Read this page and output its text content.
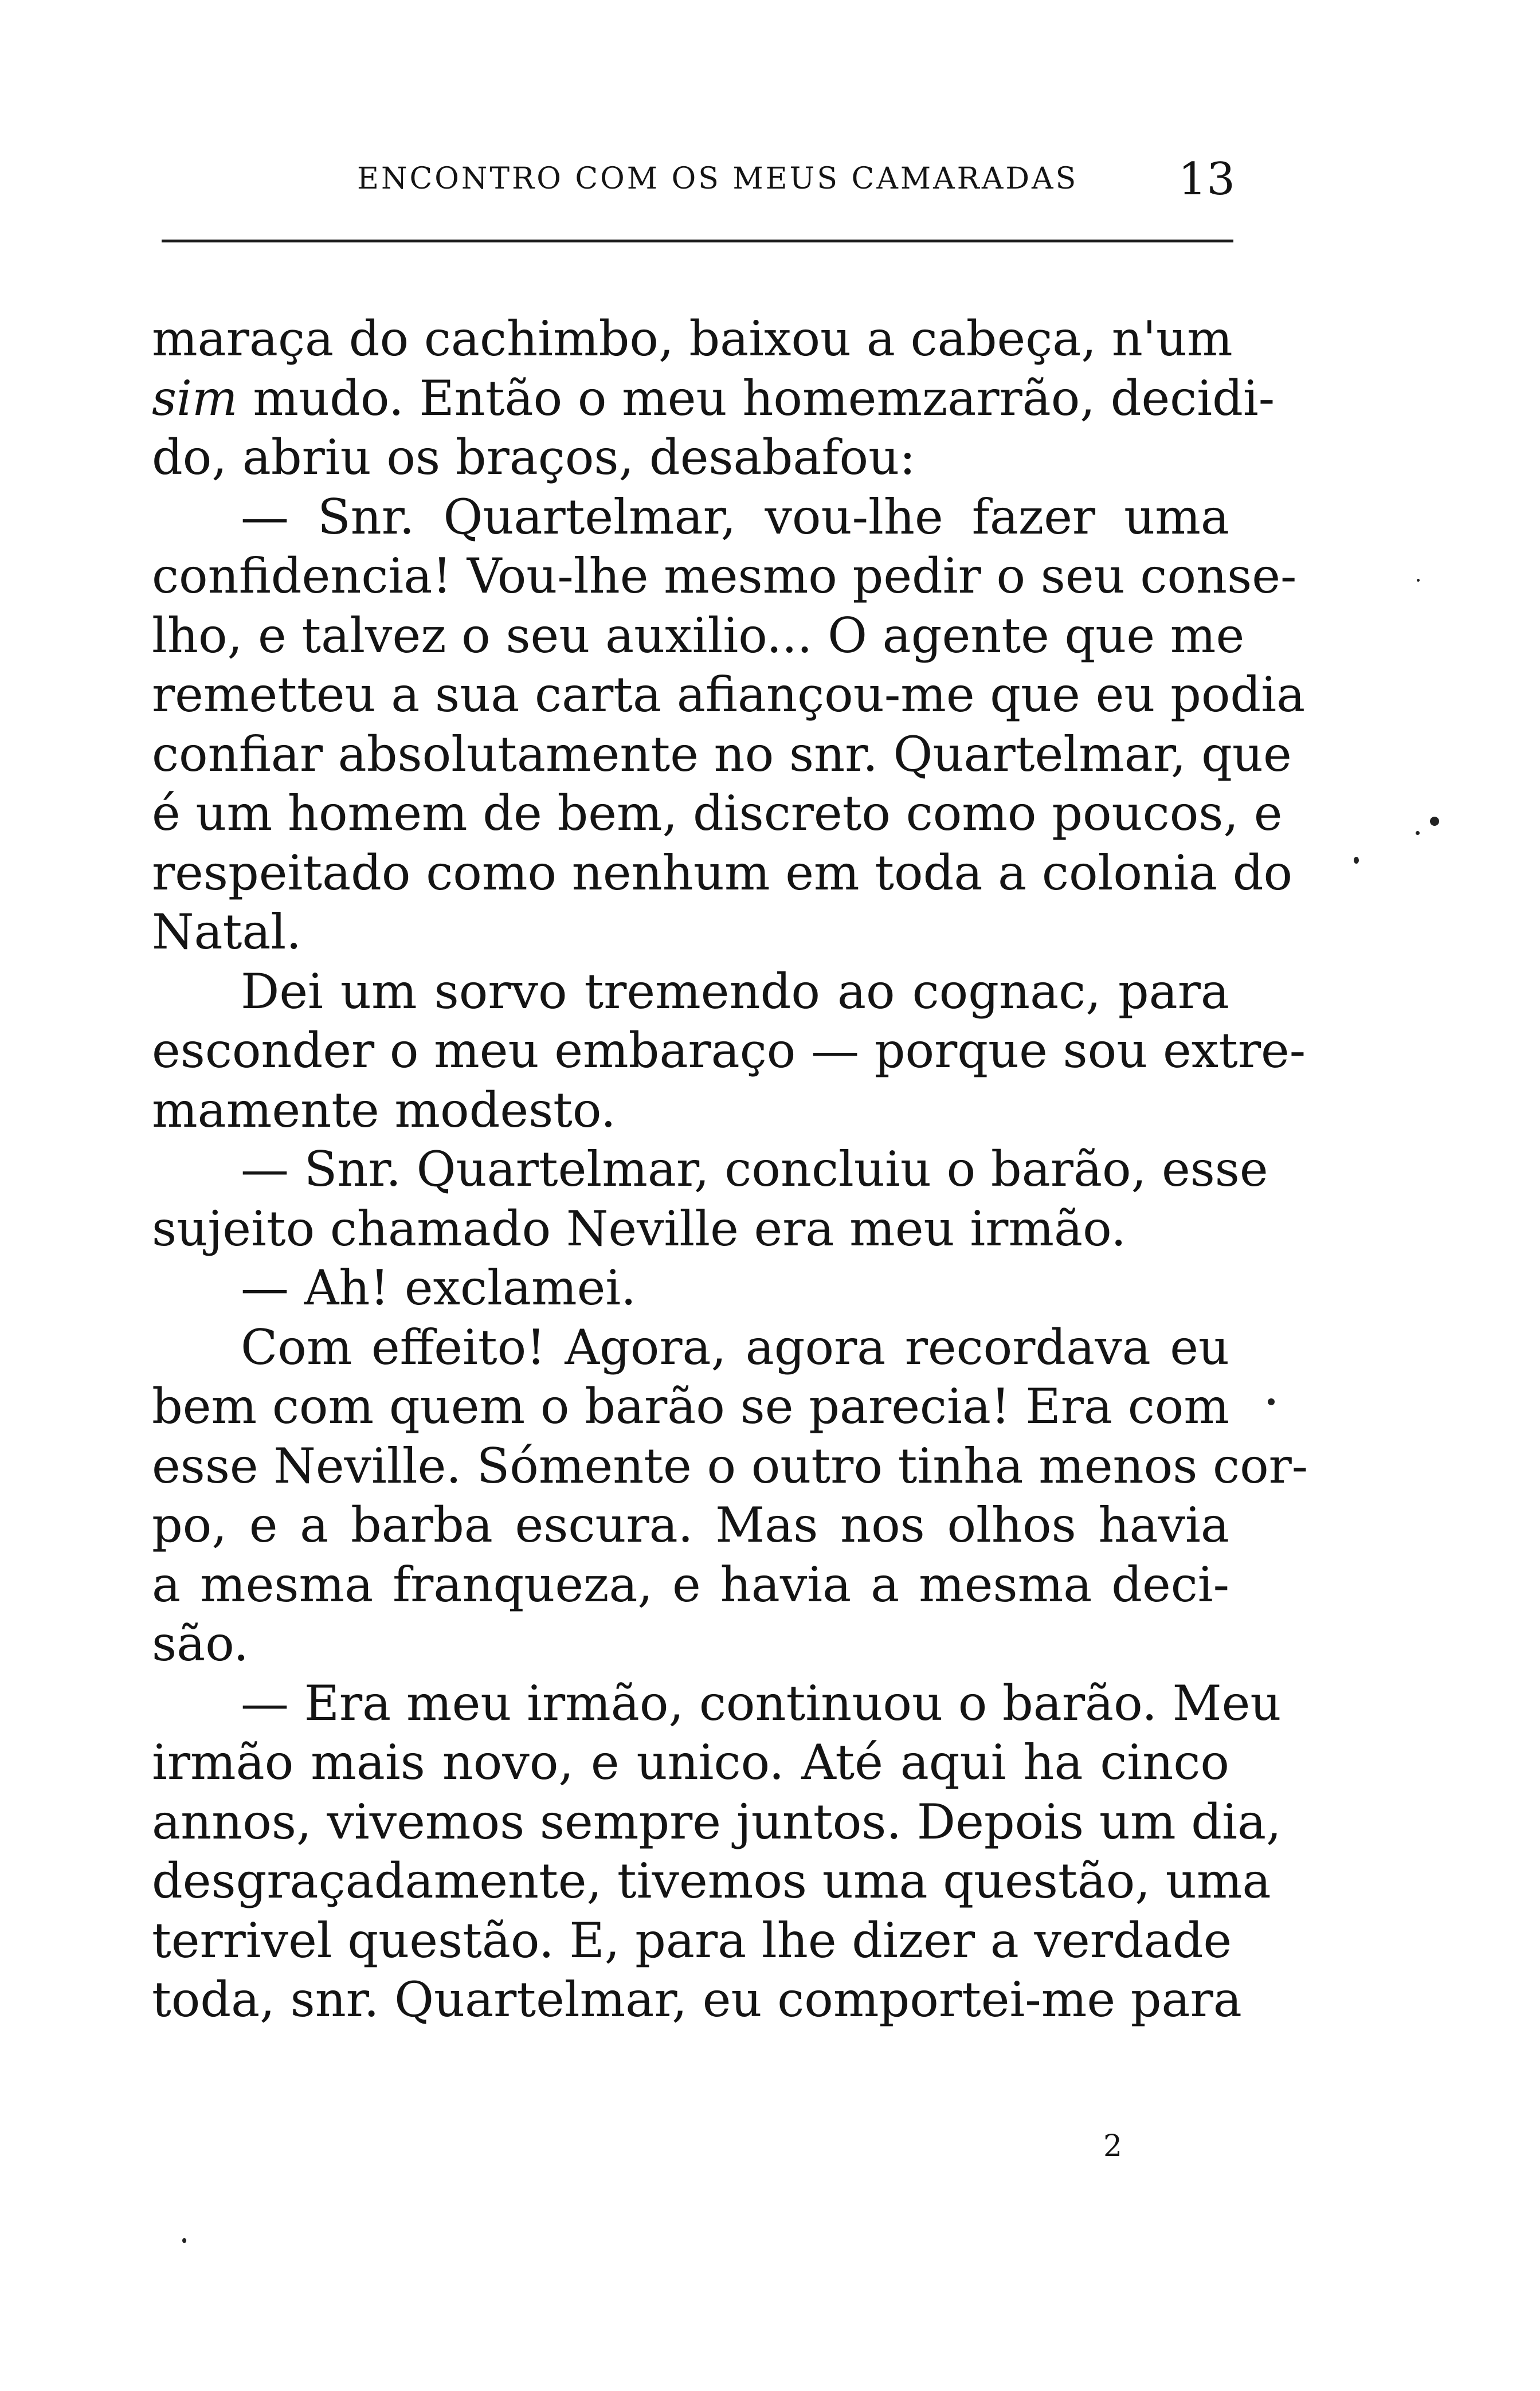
ENCONTRO COM OS MEUS CAMARADAS 13
maraça do cachimbo, baixou a cabeça, n'um
sim mudo. Então o meu homemzarrão, decidi-
do, abriu os braços, desabafou:
— Snr. Quartelmar, vou-lhe fazer uma
confidencia! Vou-lhe mesmo pedir o seu conse-
lho, e talvez o seu auxilio... O agente que me
remetteu a sua carta afiançou-me que eu podia
confiar absolutamente no snr. Quartelmar, que
é um homem de bem, discreto como poucos, e
respeitado como nenhum em toda a colonia do
Natal.
Dei um sorvo tremendo ao cognac, para
esconder o meu embaraço — porque sou extre-
mamente modesto.
— Snr. Quartelmar, concluiu o barão, esse
sujeito chamado Neville era meu irmão.
— Ah! exclamei.
Com effeito! Agora, agora recordava eu
bem com quem o barão se parecia! Era com
esse Neville. Sómente o outro tinha menos cor-
po, e a barba escura. Mas nos olhos havia
a mesma franqueza, e havia a mesma deci-
são.
— Era meu irmão, continuou o barão. Meu
irmão mais novo, e unico. Até aqui ha cinco
annos, vivemos sempre juntos. Depois um dia,
desgraçadamente, tivemos uma questão, uma
terrivel questão. E, para lhe dizer a verdade
toda, snr. Quartelmar, eu comportei-me para
2
